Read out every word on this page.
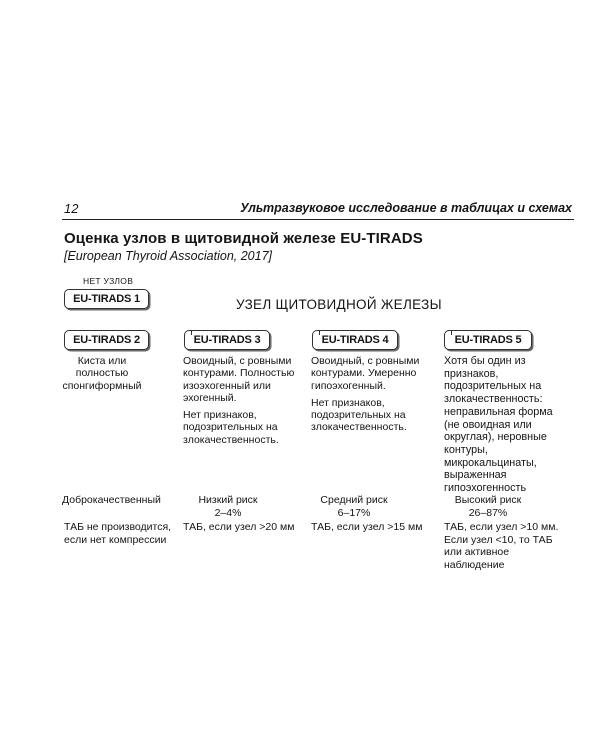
12	Ультразвуковое исследование в таблицах и схемах
Оценка узлов в щитовидной железе EU-TIRADS
[European Thyroid Association, 2017]
НЕТ УЗЛОВ
EU-TIRADS 1	УЗЕЛ ЩИТОВИДНОЙ ЖЕЛЕЗЫ
EU-TIRADS 2

Киста или полностью спонгиформный

Доброкачественный
ТАБ не производится, если нет компрессии
EU-TIRADS 3

Овоидный, с ровными контурами. Полностью изоэхогенный или эхогенный.

Нет признаков, подозрительных на злокачественность.

Низкий риск
2–4%
ТАБ, если узел >20 мм
EU-TIRADS 4

Овоидный, с ровными контурами. Умеренно гипоэхогенный.

Нет признаков, подозрительных на злокачественность.

Средний риск
6–17%
ТАБ, если узел >15 мм
EU-TIRADS 5

Хотя бы один из признаков, подозрительных на злокачественность: неправильная форма (не овоидная или округлая), неровные контуры, микрокальцинаты, выраженная гипоэхогенность

Высокий риск
26–87%
ТАБ, если узел >10 мм.
Если узел <10, то ТАБ или активное наблюдение
